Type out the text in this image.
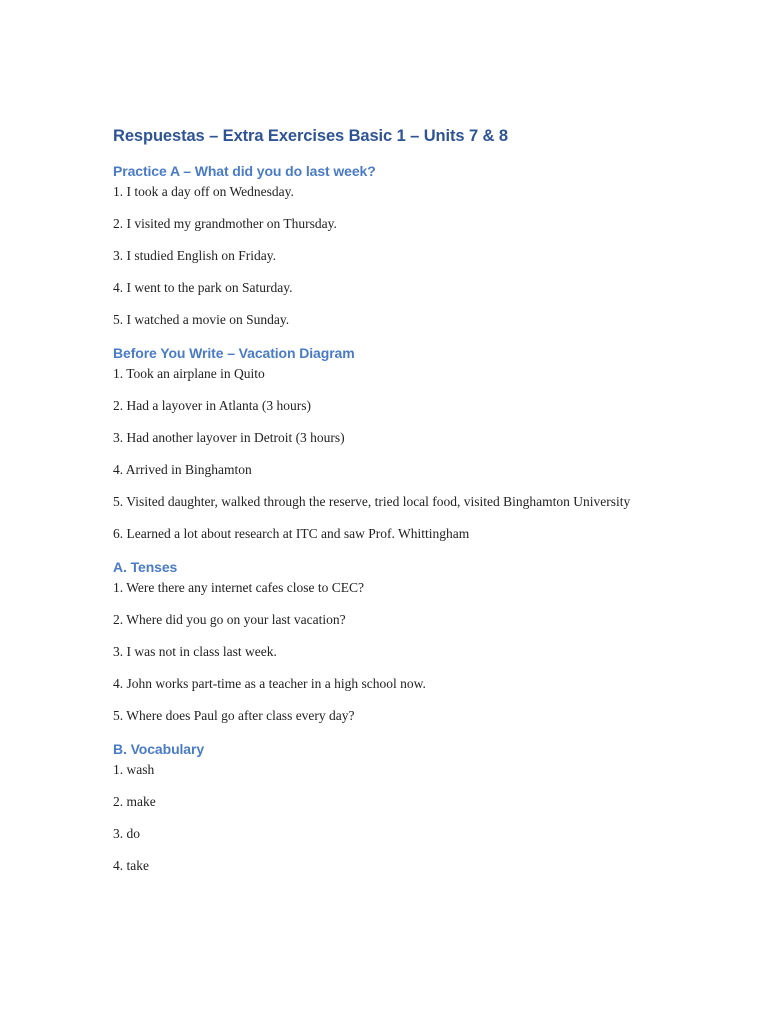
Respuestas – Extra Exercises Basic 1 – Units 7 & 8
Practice A – What did you do last week?

1. I took a day off on Wednesday.

2. I visited my grandmother on Thursday.

3. I studied English on Friday.

4. I went to the park on Saturday.

5. I watched a movie on Sunday.

Before You Write – Vacation Diagram

1. Took an airplane in Quito

2. Had a layover in Atlanta (3 hours)

3. Had another layover in Detroit (3 hours)

4. Arrived in Binghamton

5. Visited daughter, walked through the reserve, tried local food, visited Binghamton University

6. Learned a lot about research at ITC and saw Prof. Whittingham

A. Tenses

1. Were there any internet cafes close to CEC?

2. Where did you go on your last vacation?

3. I was not in class last week.

4. John works part-time as a teacher in a high school now.

5. Where does Paul go after class every day?

B. Vocabulary

1. wash

2. make

3. do

4. take
